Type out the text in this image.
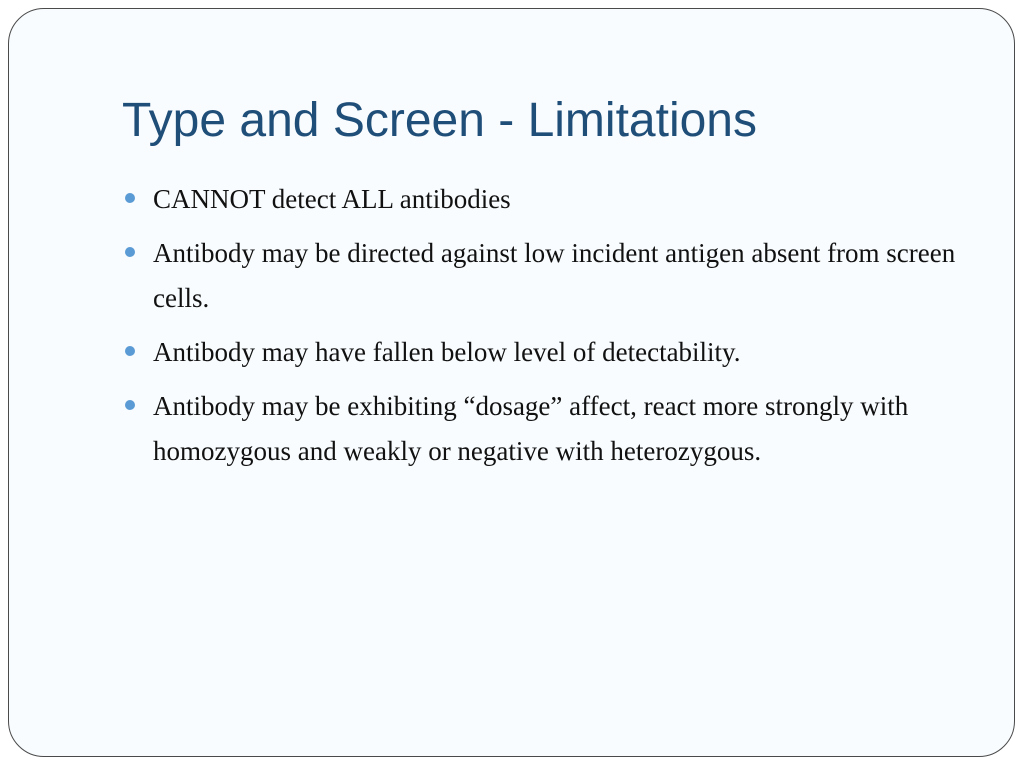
Type and Screen - Limitations
CANNOT detect ALL antibodies
Antibody may be directed against low incident antigen absent from screen cells.
Antibody may have fallen below level of detectability.
Antibody may be exhibiting “dosage” affect, react more strongly with homozygous and weakly or negative with heterozygous.
